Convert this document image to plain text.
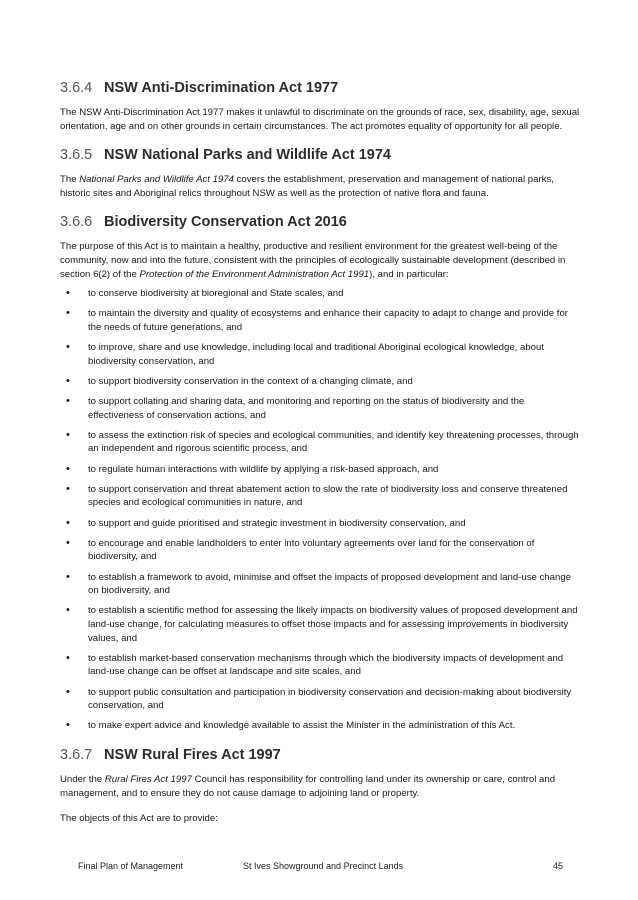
3.6.4 NSW Anti-Discrimination Act 1977

The NSW Anti-Discrimination Act 1977 makes it unlawful to discriminate on the grounds of race, sex, disability, age, sexual orientation, age and on other grounds in certain circumstances. The act promotes equality of opportunity for all people.

3.6.5 NSW National Parks and Wildlife Act 1974

The National Parks and Wildlife Act 1974 covers the establishment, preservation and management of national parks, historic sites and Aboriginal relics throughout NSW as well as the protection of native flora and fauna.

3.6.6 Biodiversity Conservation Act 2016

The purpose of this Act is to maintain a healthy, productive and resilient environment for the greatest well-being of the community, now and into the future, consistent with the principles of ecologically sustainable development (described in section 6(2) of the Protection of the Environment Administration Act 1991), and in particular:

• to conserve biodiversity at bioregional and State scales, and
• to maintain the diversity and quality of ecosystems and enhance their capacity to adapt to change and provide for the needs of future generations, and
• to improve, share and use knowledge, including local and traditional Aboriginal ecological knowledge, about biodiversity conservation, and
• to support biodiversity conservation in the context of a changing climate, and
• to support collating and sharing data, and monitoring and reporting on the status of biodiversity and the effectiveness of conservation actions, and
• to assess the extinction risk of species and ecological communities, and identify key threatening processes, through an independent and rigorous scientific process, and
• to regulate human interactions with wildlife by applying a risk-based approach, and
• to support conservation and threat abatement action to slow the rate of biodiversity loss and conserve threatened species and ecological communities in nature, and
• to support and guide prioritised and strategic investment in biodiversity conservation, and
• to encourage and enable landholders to enter into voluntary agreements over land for the conservation of biodiversity, and
• to establish a framework to avoid, minimise and offset the impacts of proposed development and land-use change on biodiversity, and
• to establish a scientific method for assessing the likely impacts on biodiversity values of proposed development and land-use change, for calculating measures to offset those impacts and for assessing improvements in biodiversity values, and
• to establish market-based conservation mechanisms through which the biodiversity impacts of development and land-use change can be offset at landscape and site scales, and
• to support public consultation and participation in biodiversity conservation and decision-making about biodiversity conservation, and
• to make expert advice and knowledge available to assist the Minister in the administration of this Act.
3.6.7 NSW Rural Fires Act 1997

Under the Rural Fires Act 1997 Council has responsibility for controlling land under its ownership or care, control and management, and to ensure they do not cause damage to adjoining land or property.

The objects of this Act are to provide:

Final Plan of Management	St Ives Showground and Precinct Lands	45
